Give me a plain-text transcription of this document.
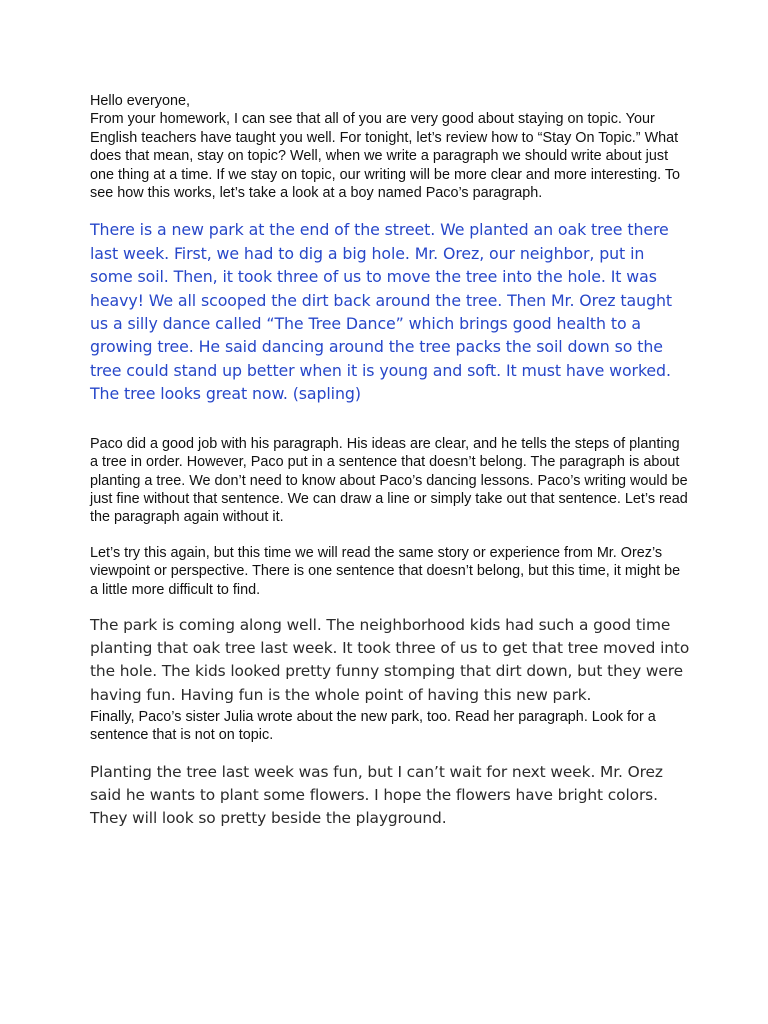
Hello everyone,

From your homework, I can see that all of you are very good about staying on topic. Your English teachers have taught you well. For tonight, let’s review how to “Stay On Topic.” What does that mean, stay on topic? Well, when we write a paragraph we should write about just one thing at a time. If we stay on topic, our writing will be more clear and more interesting. To see how this works, let’s take a look at a boy named Paco’s paragraph.

There is a new park at the end of the street. We planted an oak tree there last week. First, we had to dig a big hole. Mr. Orez, our neighbor, put in some soil. Then, it took three of us to move the tree into the hole. It was heavy! We all scooped the dirt back around the tree. Then Mr. Orez taught us a silly dance called “The Tree Dance” which brings good health to a growing tree. He said dancing around the tree packs the soil down so the tree could stand up better when it is young and soft. It must have worked. The tree looks great now. (sapling)

Paco did a good job with his paragraph. His ideas are clear, and he tells the steps of planting a tree in order. However, Paco put in a sentence that doesn’t belong. The paragraph is about planting a tree. We don’t need to know about Paco’s dancing lessons. Paco’s writing would be just fine without that sentence. We can draw a line or simply take out that sentence. Let’s read the paragraph again without it.

Let’s try this again, but this time we will read the same story or experience from Mr. Orez’s viewpoint or perspective. There is one sentence that doesn’t belong, but this time, it might be a little more difficult to find.

The park is coming along well. The neighborhood kids had such a good time planting that oak tree last week. It took three of us to get that tree moved into the hole. The kids looked pretty funny stomping that dirt down, but they were having fun. Having fun is the whole point of having this new park.

Finally, Paco’s sister Julia wrote about the new park, too. Read her paragraph. Look for a sentence that is not on topic.

Planting the tree last week was fun, but I can’t wait for next week. Mr. Orez said he wants to plant some flowers. I hope the flowers have bright colors. They will look so pretty beside the playground.
